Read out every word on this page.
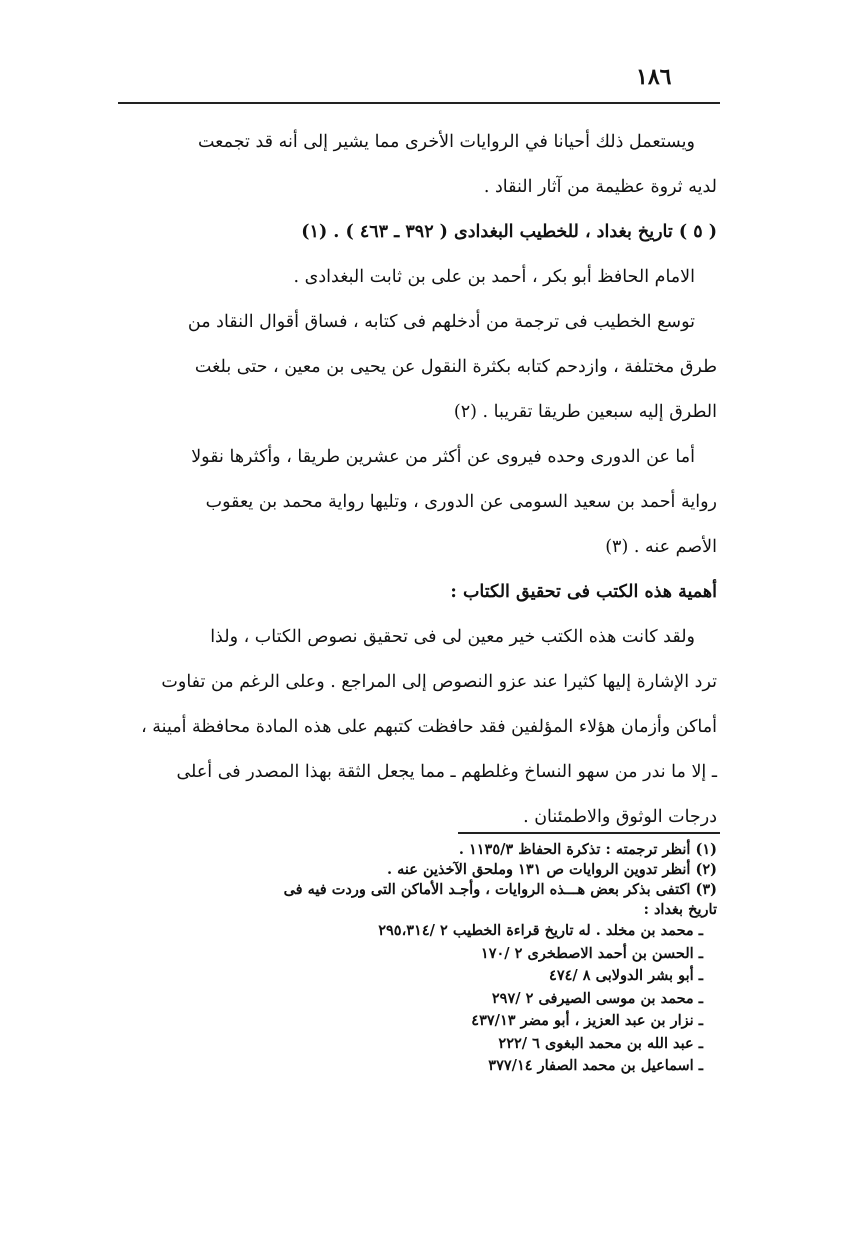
١٨٦
ويستعمل ذلك أحيانا في الروايات الأخرى مما يشير إلى أنه قد تجمعت
لديه ثروة عظيمة من آثار النقاد .
( ٥ ) تاريخ بغداد ، للخطيب البغدادى ( ٣٩٢ ـ ٤٦٣ ) . (١)
الامام الحافظ أبو بكر ، أحمد بن على بن ثابت البغدادى .
توسع الخطيب فى ترجمة من أدخلهم فى كتابه ، فساق أقوال النقاد من
طرق مختلفة ، وازدحم كتابه بكثرة النقول عن يحيى بن معين ، حتى بلغت
الطرق إليه سبعين طريقا تقريبا . (٢)
أما عن الدورى وحده فيروى عن أكثر من عشرين طريقا ، وأكثرها نقولا
رواية أحمد بن سعيد السومى عن الدورى ، وتليها رواية محمد بن يعقوب
الأصم عنه . (٣)
أهمية هذه الكتب فى تحقيق الكتاب :
ولقد كانت هذه الكتب خير معين لى فى تحقيق نصوص الكتاب ، ولذا
ترد الإشارة إليها كثيرا عند عزو النصوص إلى المراجع . وعلى الرغم من تفاوت
أماكن وأزمان هؤلاء المؤلفين فقد حافظت كتبهم على هذه المادة محافظة أمينة ،
ـ إلا ما ندر من سهو النساخ وغلطهم ـ مما يجعل الثقة بهذا المصدر فى أعلى
درجات الوثوق والاطمئنان .
(١) أنظر ترجمته : تذكرة الحفاظ ١١٣٥/٣ .
(٢) أنظر تدوين الروايات ص ١٣١ وملحق الآخذين عنه .
(٣) اكتفى بذكر بعض هـــذه الروايات ، وأجـد الأماكن التى وردت فيه فى
تاريخ بغداد :
ـ محمد بن مخلد . له تاريخ قراءة الخطيب ٢ /٢٩٥،٣١٤
ـ الحسن بن أحمد الاصطخرى ٢ /١٧٠
ـ أبو بشر الدولابى ٨ /٤٧٤
ـ محمد بن موسى الصيرفى ٢ /٢٩٧
ـ نزار بن عبد العزيز ، أبو مضر ٤٣٧/١٣
ـ عبد الله بن محمد البغوى ٦ /٢٢٢
ـ اسماعيل بن محمد الصفار ٣٧٧/١٤
